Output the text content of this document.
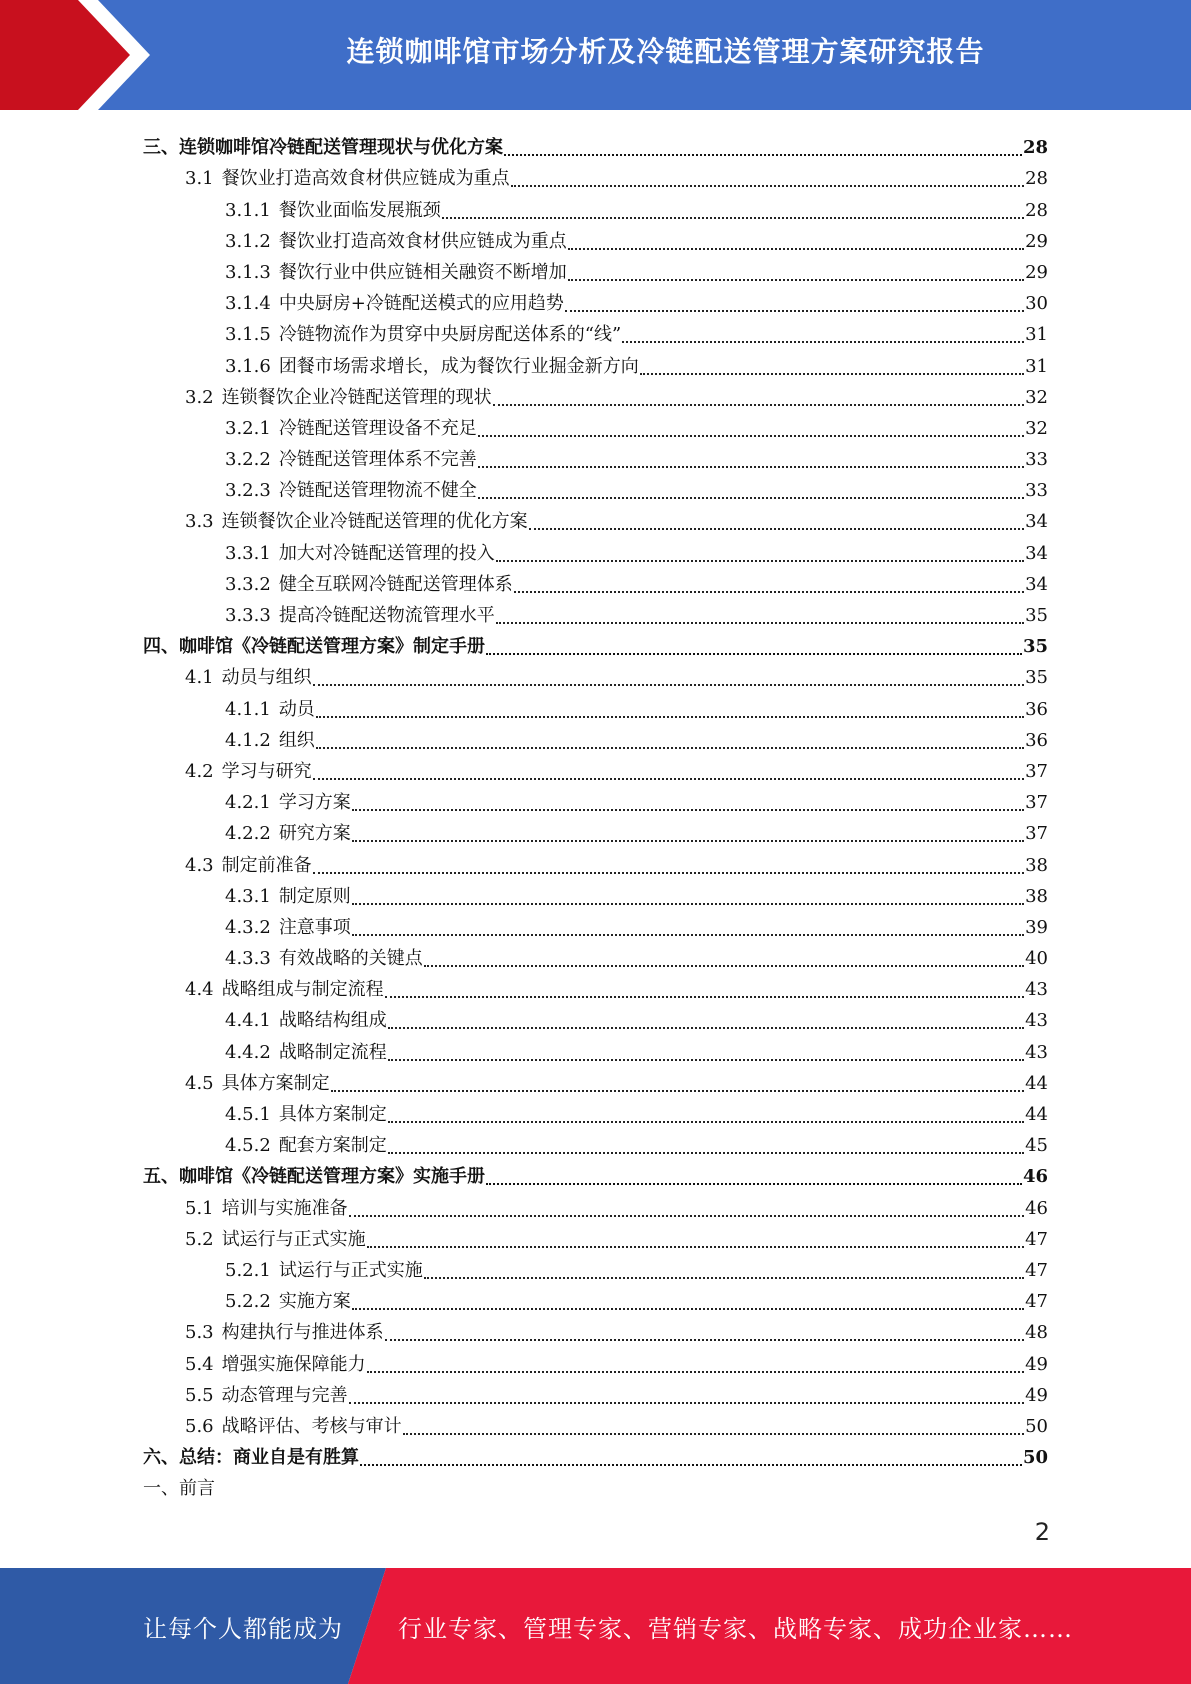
连锁咖啡馆市场分析及冷链配送管理方案研究报告
三、 连锁咖啡馆冷链配送管理现状与优化方案	28
3.1 餐饮业打造高效食材供应链成为重点	28
3.1.1 餐饮业面临发展瓶颈	28
3.1.2 餐饮业打造高效食材供应链成为重点	29
3.1.3 餐饮行业中供应链相关融资不断增加	29
3.1.4 中央厨房+冷链配送模式的应用趋势	30
3.1.5 冷链物流作为贯穿中央厨房配送体系的“线”	31
3.1.6 团餐市场需求增长，成为餐饮行业掘金新方向	31
3.2 连锁餐饮企业冷链配送管理的现状	32
3.2.1 冷链配送管理设备不充足	32
3.2.2 冷链配送管理体系不完善	33
3.2.3 冷链配送管理物流不健全	33
3.3 连锁餐饮企业冷链配送管理的优化方案	34
3.3.1 加大对冷链配送管理的投入	34
3.3.2 健全互联网冷链配送管理体系	34
3.3.3 提高冷链配送物流管理水平	35
四、 咖啡馆《冷链配送管理方案》制定手册	35
4.1 动员与组织	35
4.1.1 动员	36
4.1.2 组织	36
4.2 学习与研究	37
4.2.1 学习方案	37
4.2.2 研究方案	37
4.3 制定前准备	38
4.3.1 制定原则	38
4.3.2 注意事项	39
4.3.3 有效战略的关键点	40
4.4 战略组成与制定流程	43
4.4.1 战略结构组成	43
4.4.2 战略制定流程	43
4.5 具体方案制定	44
4.5.1 具体方案制定	44
4.5.2 配套方案制定	45
五、 咖啡馆《冷链配送管理方案》实施手册	46
5.1 培训与实施准备	46
5.2 试运行与正式实施	47
5.2.1 试运行与正式实施	47
5.2.2 实施方案	47
5.3 构建执行与推进体系	48
5.4 增强实施保障能力	49
5.5 动态管理与完善	49
5.6 战略评估、考核与审计	50
六、 总结：商业自是有胜算	50
一、 前言
2
让每个人都能成为 行业专家、管理专家、营销专家、战略专家、成功企业家……
